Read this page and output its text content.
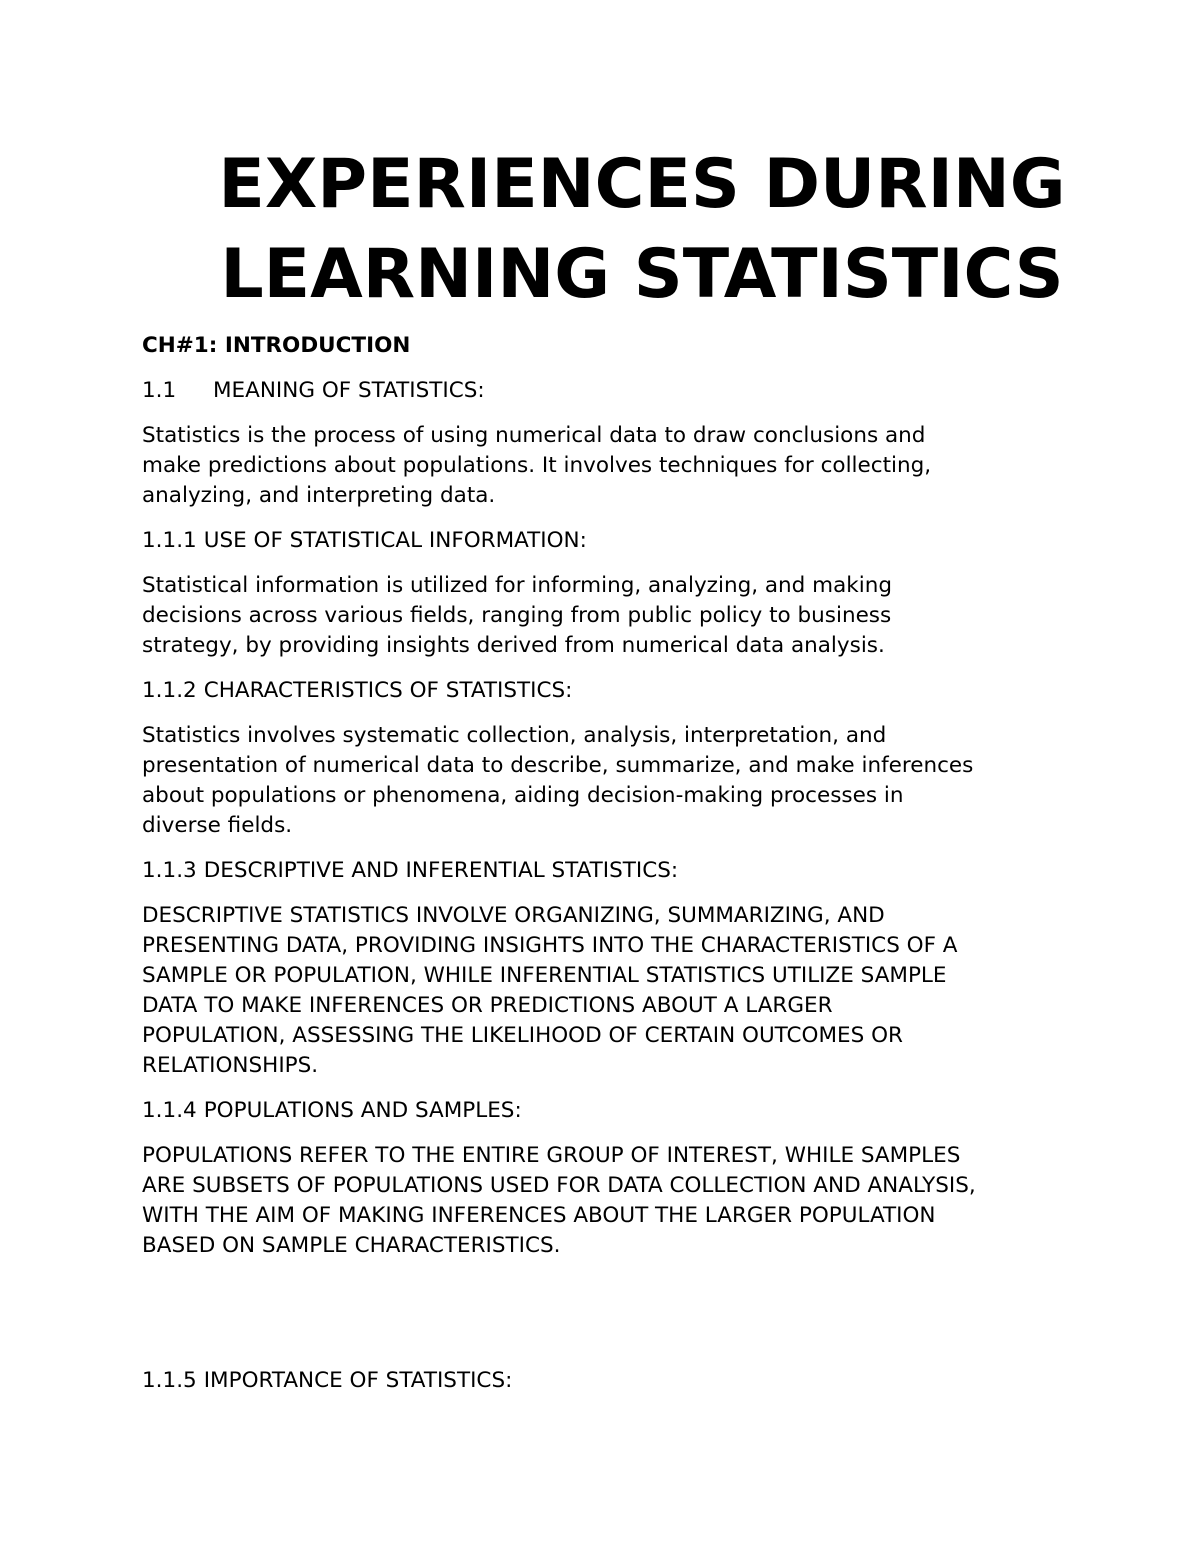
EXPERIENCES DURING
LEARNING STATISTICS
CH#1: INTRODUCTION
1.1 MEANING OF STATISTICS:
Statistics is the process of using numerical data to draw conclusions and
make predictions about populations. It involves techniques for collecting,
analyzing, and interpreting data.
1.1.1 USE OF STATISTICAL INFORMATION:
Statistical information is utilized for informing, analyzing, and making
decisions across various fields, ranging from public policy to business
strategy, by providing insights derived from numerical data analysis.
1.1.2 CHARACTERISTICS OF STATISTICS:
Statistics involves systematic collection, analysis, interpretation, and
presentation of numerical data to describe, summarize, and make inferences
about populations or phenomena, aiding decision-making processes in
diverse fields.
1.1.3 DESCRIPTIVE AND INFERENTIAL STATISTICS:
DESCRIPTIVE STATISTICS INVOLVE ORGANIZING, SUMMARIZING, AND
PRESENTING DATA, PROVIDING INSIGHTS INTO THE CHARACTERISTICS OF A
SAMPLE OR POPULATION, WHILE INFERENTIAL STATISTICS UTILIZE SAMPLE
DATA TO MAKE INFERENCES OR PREDICTIONS ABOUT A LARGER
POPULATION, ASSESSING THE LIKELIHOOD OF CERTAIN OUTCOMES OR
RELATIONSHIPS.
1.1.4 POPULATIONS AND SAMPLES:
POPULATIONS REFER TO THE ENTIRE GROUP OF INTEREST, WHILE SAMPLES
ARE SUBSETS OF POPULATIONS USED FOR DATA COLLECTION AND ANALYSIS,
WITH THE AIM OF MAKING INFERENCES ABOUT THE LARGER POPULATION
BASED ON SAMPLE CHARACTERISTICS.
1.1.5 IMPORTANCE OF STATISTICS:
